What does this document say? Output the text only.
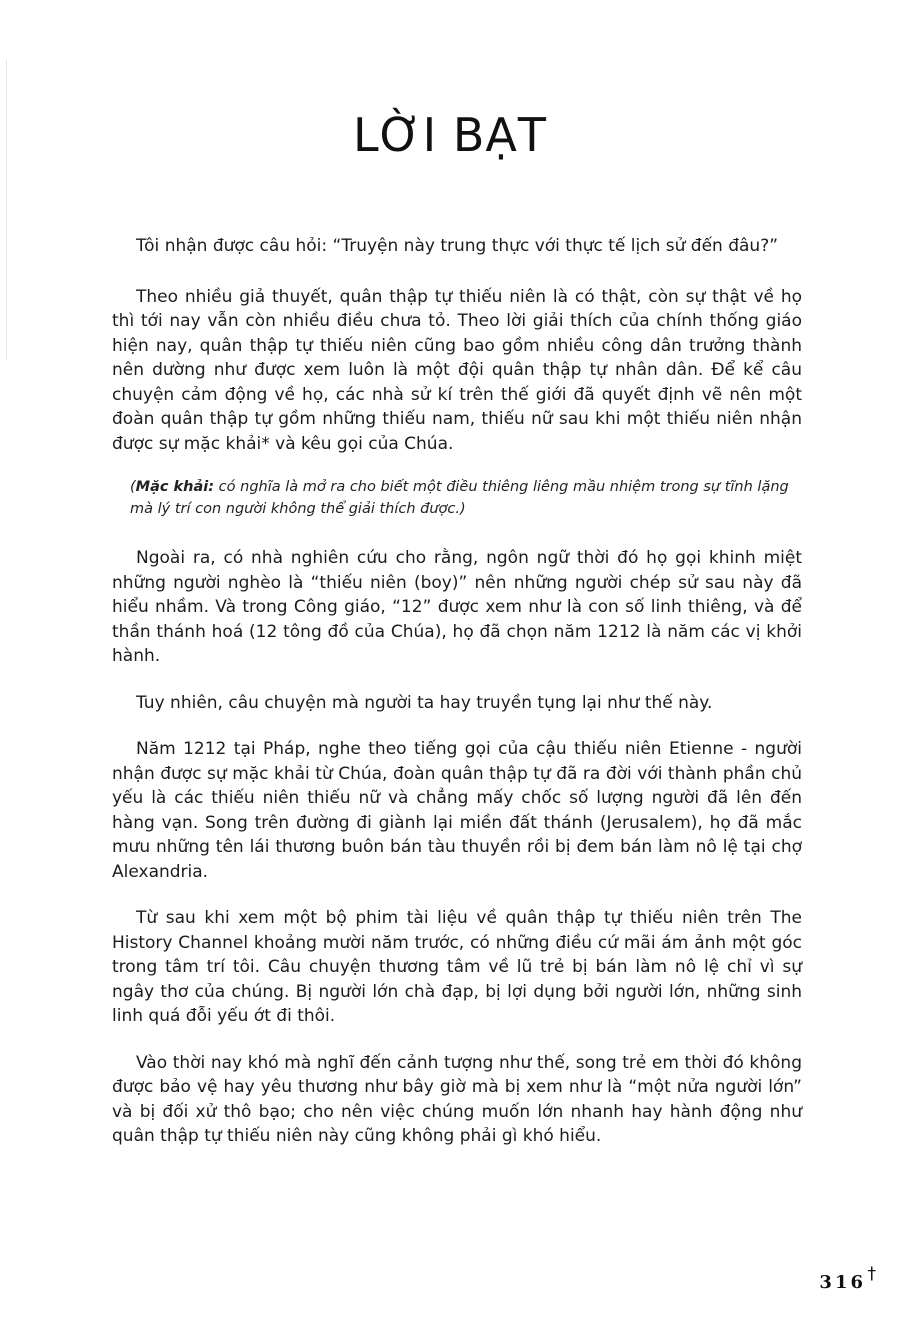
LỜI BẠT

Tôi nhận được câu hỏi: “Truyện này trung thực với thực tế lịch sử đến đâu?”

Theo nhiều giả thuyết, quân thập tự thiếu niên là có thật, còn sự thật về họ thì tới nay vẫn còn nhiều điều chưa tỏ. Theo lời giải thích của chính thống giáo hiện nay, quân thập tự thiếu niên cũng bao gồm nhiều công dân trưởng thành nên dường như được xem luôn là một đội quân thập tự nhân dân. Để kể câu chuyện cảm động về họ, các nhà sử kí trên thế giới đã quyết định vẽ nên một đoàn quân thập tự gồm những thiếu nam, thiếu nữ sau khi một thiếu niên nhận được sự mặc khải* và kêu gọi của Chúa.

(Mặc khải: có nghĩa là mở ra cho biết một điều thiêng liêng mầu nhiệm trong sự tĩnh lặng mà lý trí con người không thể giải thích được.)

Ngoài ra, có nhà nghiên cứu cho rằng, ngôn ngữ thời đó họ gọi khinh miệt những người nghèo là “thiếu niên (boy)” nên những người chép sử sau này đã hiểu nhầm. Và trong Công giáo, “12” được xem như là con số linh thiêng, và để thần thánh hoá (12 tông đồ của Chúa), họ đã chọn năm 1212 là năm các vị khởi hành.

Tuy nhiên, câu chuyện mà người ta hay truyền tụng lại như thế này.

Năm 1212 tại Pháp, nghe theo tiếng gọi của cậu thiếu niên Etienne - người nhận được sự mặc khải từ Chúa, đoàn quân thập tự đã ra đời với thành phần chủ yếu là các thiếu niên thiếu nữ và chẳng mấy chốc số lượng người đã lên đến hàng vạn. Song trên đường đi giành lại miền đất thánh (Jerusalem), họ đã mắc mưu những tên lái thương buôn bán tàu thuyền rồi bị đem bán làm nô lệ tại chợ Alexandria.

Từ sau khi xem một bộ phim tài liệu về quân thập tự thiếu niên trên The History Channel khoảng mười năm trước, có những điều cứ mãi ám ảnh một góc trong tâm trí tôi. Câu chuyện thương tâm về lũ trẻ bị bán làm nô lệ chỉ vì sự ngây thơ của chúng. Bị người lớn chà đạp, bị lợi dụng bởi người lớn, những sinh linh quá đỗi yếu ớt đi thôi.

Vào thời nay khó mà nghĩ đến cảnh tượng như thế, song trẻ em thời đó không được bảo vệ hay yêu thương như bây giờ mà bị xem như là “một nửa người lớn” và bị đối xử thô bạo; cho nên việc chúng muốn lớn nhanh hay hành động như quân thập tự thiếu niên này cũng không phải gì khó hiểu.

316 †
